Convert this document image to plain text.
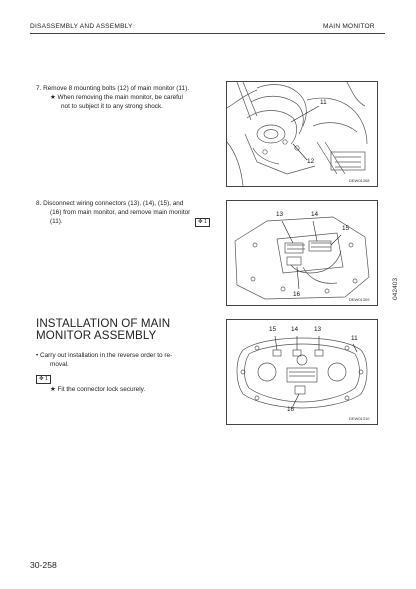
DISASSEMBLY AND ASSEMBLY	MAIN MONITOR
7. Remove 8 mounting bolts (12) of main monitor (11).
★ When removing the main monitor, be careful
not to subject it to any strong shock.
11
12
DEW01308
8. Disconnect wiring connectors (13), (14), (15), and
(16) from main monitor, and remove main monitor
(11).	✥ 1
13	14
15
16
DEW01309	042403
INSTALLATION OF MAIN
MONITOR ASSEMBLY
• Carry out installation in the reverse order to re-
moval.
✥ 1
★ Fit the connector lock securely.
15 14 13
11
16
DEW01310
30-258
